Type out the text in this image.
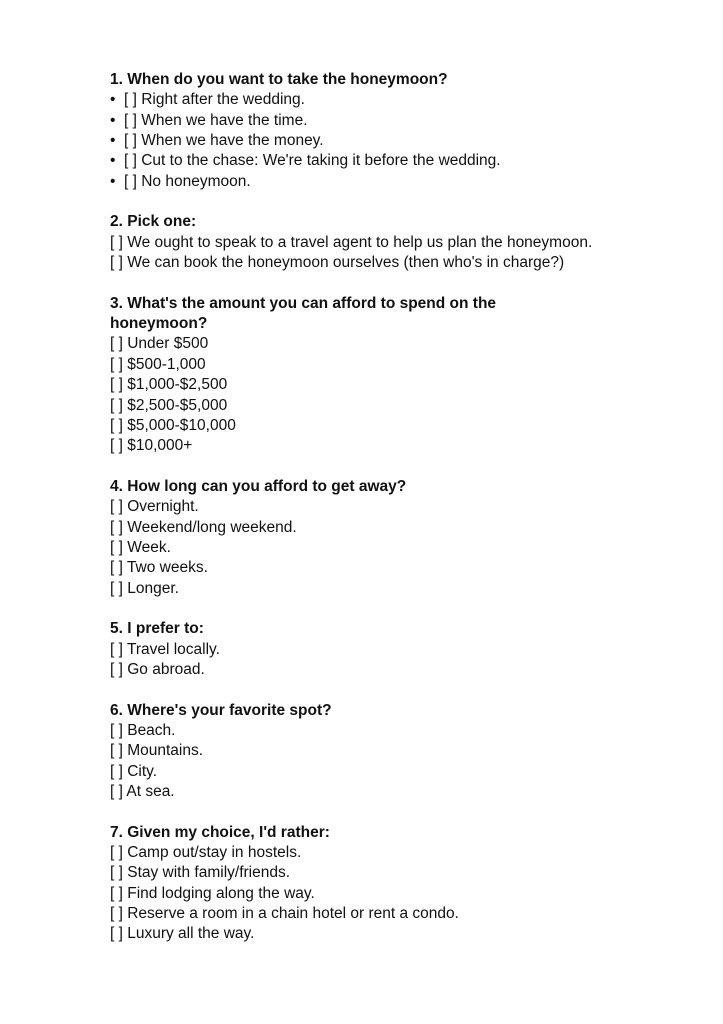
1. When do you want to take the honeymoon?
• [ ] Right after the wedding.
• [ ] When we have the time.
• [ ] When we have the money.
• [ ] Cut to the chase: We're taking it before the wedding.
• [ ] No honeymoon.
2. Pick one:
[ ] We ought to speak to a travel agent to help us plan the honeymoon.
[ ] We can book the honeymoon ourselves (then who's in charge?)
3. What's the amount you can afford to spend on the honeymoon?
[ ] Under $500
[ ] $500-1,000
[ ] $1,000-$2,500
[ ] $2,500-$5,000
[ ] $5,000-$10,000
[ ] $10,000+
4. How long can you afford to get away?
[ ] Overnight.
[ ] Weekend/long weekend.
[ ] Week.
[ ] Two weeks.
[ ] Longer.
5. I prefer to:
[ ] Travel locally.
[ ] Go abroad.
6. Where's your favorite spot?
[ ] Beach.
[ ] Mountains.
[ ] City.
[ ] At sea.
7. Given my choice, I'd rather:
[ ] Camp out/stay in hostels.
[ ] Stay with family/friends.
[ ] Find lodging along the way.
[ ] Reserve a room in a chain hotel or rent a condo.
[ ] Luxury all the way.
